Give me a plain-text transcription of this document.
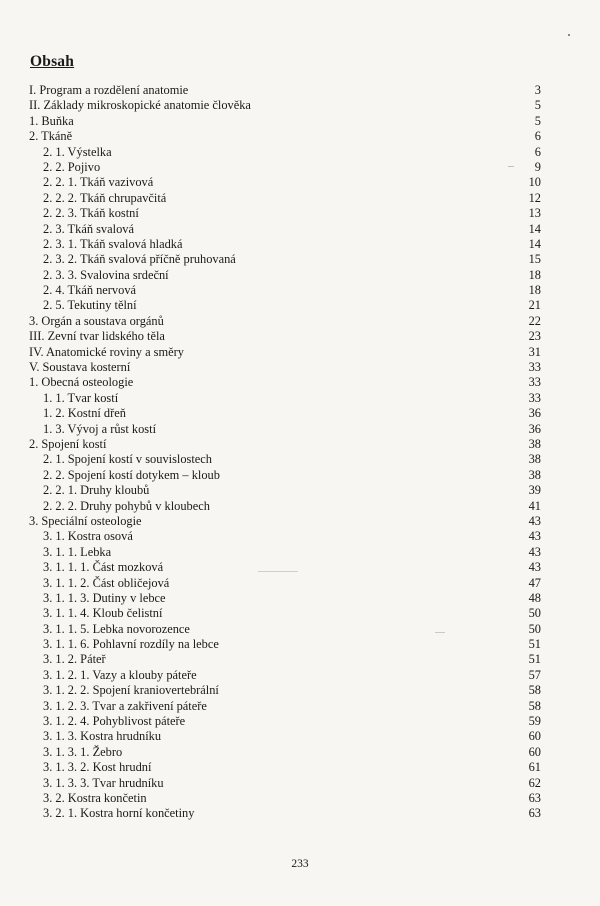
Obsah
I. Program a rozdělení anatomie	3
II. Základy mikroskopické anatomie člověka	5
1. Buňka	5
2. Tkáně	6
2. 1. Výstelka	6
2. 2. Pojivo	9
2. 2. 1. Tkáň vazivová	10
2. 2. 2. Tkáň chrupavčitá	12
2. 2. 3. Tkáň kostní	13
2. 3. Tkáň svalová	14
2. 3. 1. Tkáň svalová hladká	14
2. 3. 2. Tkáň svalová příčně pruhovaná	15
2. 3. 3. Svalovina srdeční	18
2. 4. Tkáň nervová	18
2. 5. Tekutiny tělní	21
3. Orgán a soustava orgánů	22
III. Zevní tvar lidského těla	23
IV. Anatomické roviny a směry	31
V. Soustava kosterní	33
1. Obecná osteologie	33
1. 1. Tvar kostí	33
1. 2. Kostní dřeň	36
1. 3. Vývoj a růst kostí	36
2. Spojení kostí	38
2. 1. Spojení kostí v souvislostech	38
2. 2. Spojení kostí dotykem – kloub	38
2. 2. 1. Druhy kloubů	39
2. 2. 2. Druhy pohybů v kloubech	41
3. Speciální osteologie	43
3. 1. Kostra osová	43
3. 1. 1. Lebka	43
3. 1. 1. 1. Část mozková	43
3. 1. 1. 2. Část obličejová	47
3. 1. 1. 3. Dutiny v lebce	48
3. 1. 1. 4. Kloub čelistní	50
3. 1. 1. 5. Lebka novorozence	50
3. 1. 1. 6. Pohlavní rozdíly na lebce	51
3. 1. 2. Páteř	51
3. 1. 2. 1. Vazy a klouby páteře	57
3. 1. 2. 2. Spojení kraniovertebrální	58
3. 1. 2. 3. Tvar a zakřivení páteře	58
3. 1. 2. 4. Pohyblivost páteře	59
3. 1. 3. Kostra hrudníku	60
3. 1. 3. 1. Žebro	60
3. 1. 3. 2. Kost hrudní	61
3. 1. 3. 3. Tvar hrudníku	62
3. 2. Kostra končetin	63
3. 2. 1. Kostra horní končetiny	63
233
